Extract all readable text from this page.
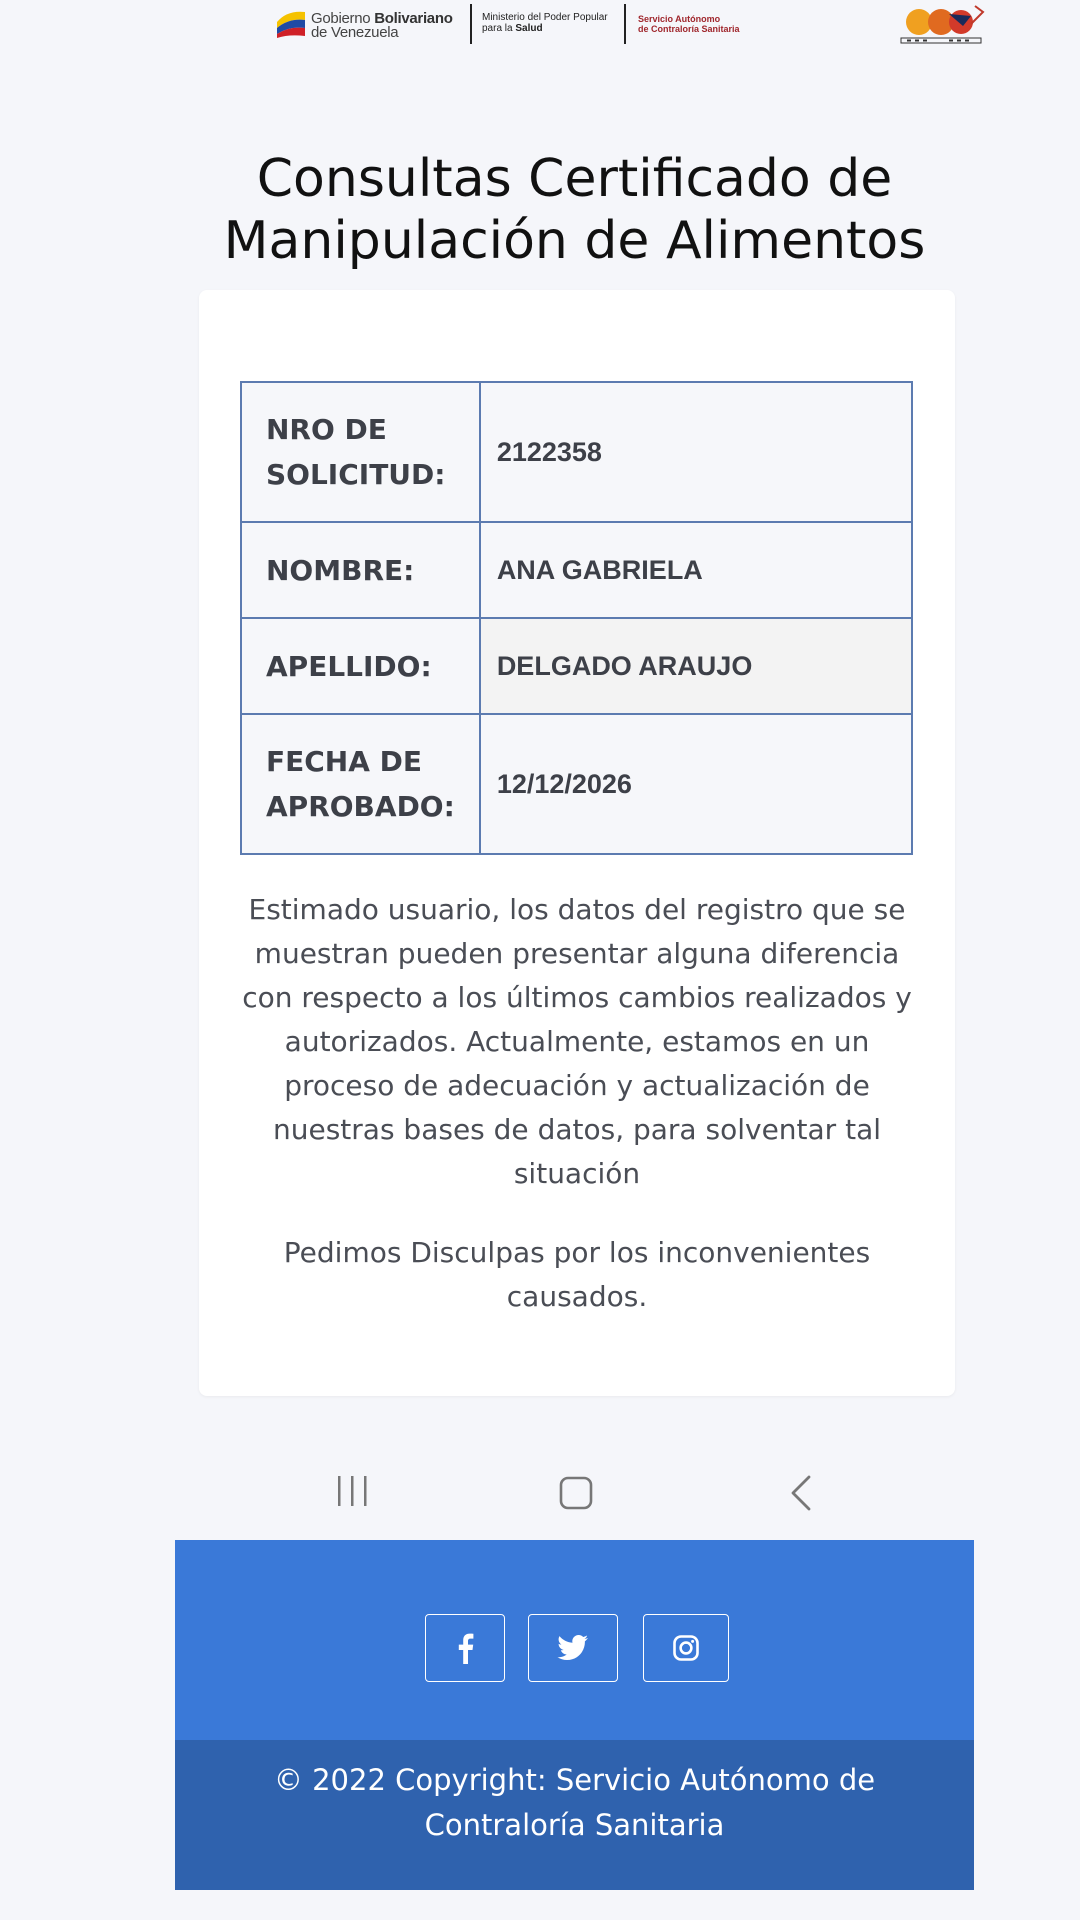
Gobierno Bolivariano
de Venezuela
Ministerio del Poder Popular
para la Salud
Servicio Autónomo
de Contraloría Sanitaria
Consultas Certificado de
Manipulación de Alimentos
NRO DE
SOLICITUD:	2122358
NOMBRE:	ANA GABRIELA
APELLIDO:	DELGADO ARAUJO
FECHA DE
APROBADO:	12/12/2026

Estimado usuario, los datos del registro que se muestran pueden presentar alguna diferencia con respecto a los últimos cambios realizados y autorizados. Actualmente, estamos en un proceso de adecuación y actualización de nuestras bases de datos, para solventar tal situación

Pedimos Disculpas por los inconvenientes causados.

© 2022 Copyright: Servicio Autónomo de Contraloría Sanitaria
